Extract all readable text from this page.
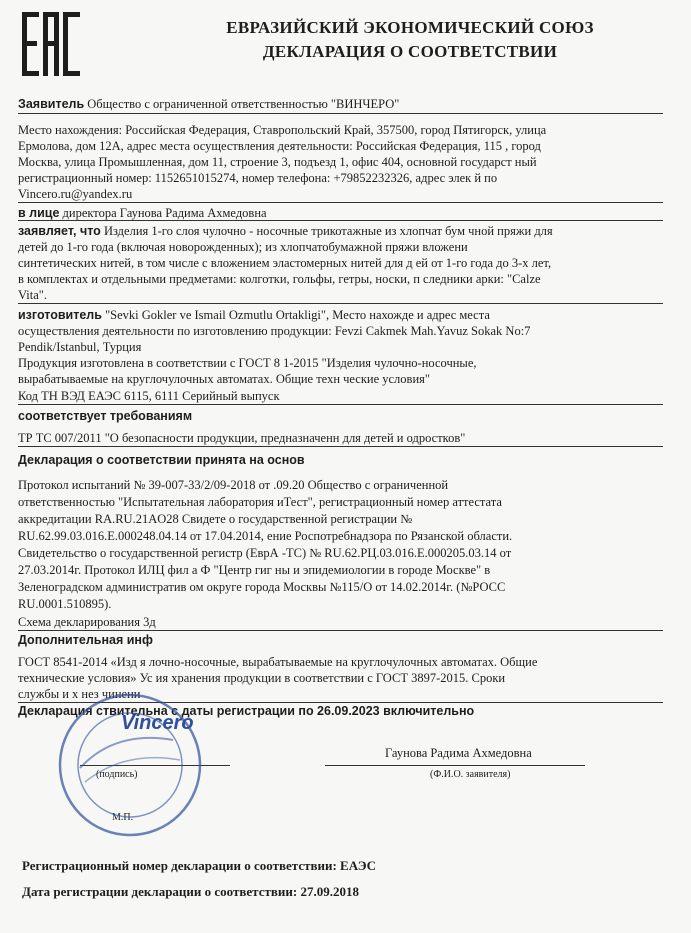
ЕВРАЗИЙСКИЙ ЭКОНОМИЧЕСКИЙ СОЮЗ
ДЕКЛАРАЦИЯ О СООТВЕТСТВИИ
Заявитель Общество с ограниченной ответственностью "ВИНЧЕРО"
Место нахождения: Российская Федерация, Ставропольский Край, 357500, город Пятигорск, улица
Ермолова, дом 12А, адрес места осуществления деятельности: Российская Федерация, 115 , город
Москва, улица Промышленная, дом 11, строение 3, подъезд 1, офис 404, основной государст ный
регистрационный номер: 1152651015274, номер телефона: +79852232326, адрес элек й по
Vincero.ru@yandex.ru
в лице директора Гаунова Радима Ахмедовна
заявляет, что Изделия 1-го слоя чулочно - носочные трикотажные из хлопчат бум чной пряжи для
детей до 1-го года (включая новорожденных); из хлопчатобумажной пряжи вложени
синтетических нитей, в том числе с вложением эластомерных нитей для д ей от 1-го года до 3-х лет,
в комплектах и отдельными предметами: колготки, гольфы, гетры, носки, п следники арки: "Calze
Vita".
изготовитель "Sevki Gokler ve Ismail Ozmutlu Ortakligi", Место нахожде и адрес места
осуществления деятельности по изготовлению продукции: Fevzi Cakmek Mah.Yavuz Sokak No:7
Pendik/Istanbul, Турция
Продукция изготовлена в соответствии с ГОСТ 8 1-2015 "Изделия чулочно-носочные,
вырабатываемые на круглочулочных автоматах. Общие техн ческие условия"
Код ТН ВЭД ЕАЭС 6115, 6111 Серийный выпуск
соответствует требованиям
ТР ТС 007/2011 "О безопасности продукции, предназначенн для детей и одростков"
Декларация о соответствии принята на основ
Протокол испытаний № 39-007-33/2/09-2018 от .09.20 Общество с ограниченной
ответственностью "Испытательная лаборатория иТест", регистрационный номер аттестата
аккредитации RA.RU.21AO28 Свидете о государственной регистрации №
RU.62.99.03.016.E.000248.04.14 от 17.04.2014, ение Роспотребнадзора по Рязанской области.
Свидетельство о государственной регистр (ЕврА -ТС) № RU.62.РЦ.03.016.E.000205.03.14 от
27.03.2014г. Протокол ИЛЦ фил а Ф "Центр гиг ны и эпидемиологии в городе Москве" в
Зеленоградском административ ом округе города Москвы №115/О от 14.02.2014г. (№РОСС
RU.0001.510895).
Схема декларирования 3д
Дополнительная инф
ГОСТ 8541-2014 «Изд я лочно-носочные, вырабатываемые на круглочулочных автоматах. Общие
технические условия» Ус ия хранения продукции в соответствии с ГОСТ 3897-2015. Сроки
службы и х нез чинени
Декларация ствительна с даты регистрации по 26.09.2023 включительно
(подпись)
Гаунова Радима Ахмедовна
(Ф.И.О. заявителя)
М.П.
Vincero
Регистрационный номер декларации о соответствии: ЕАЭС
Дата регистрации декларации о соответствии: 27.09.2018
